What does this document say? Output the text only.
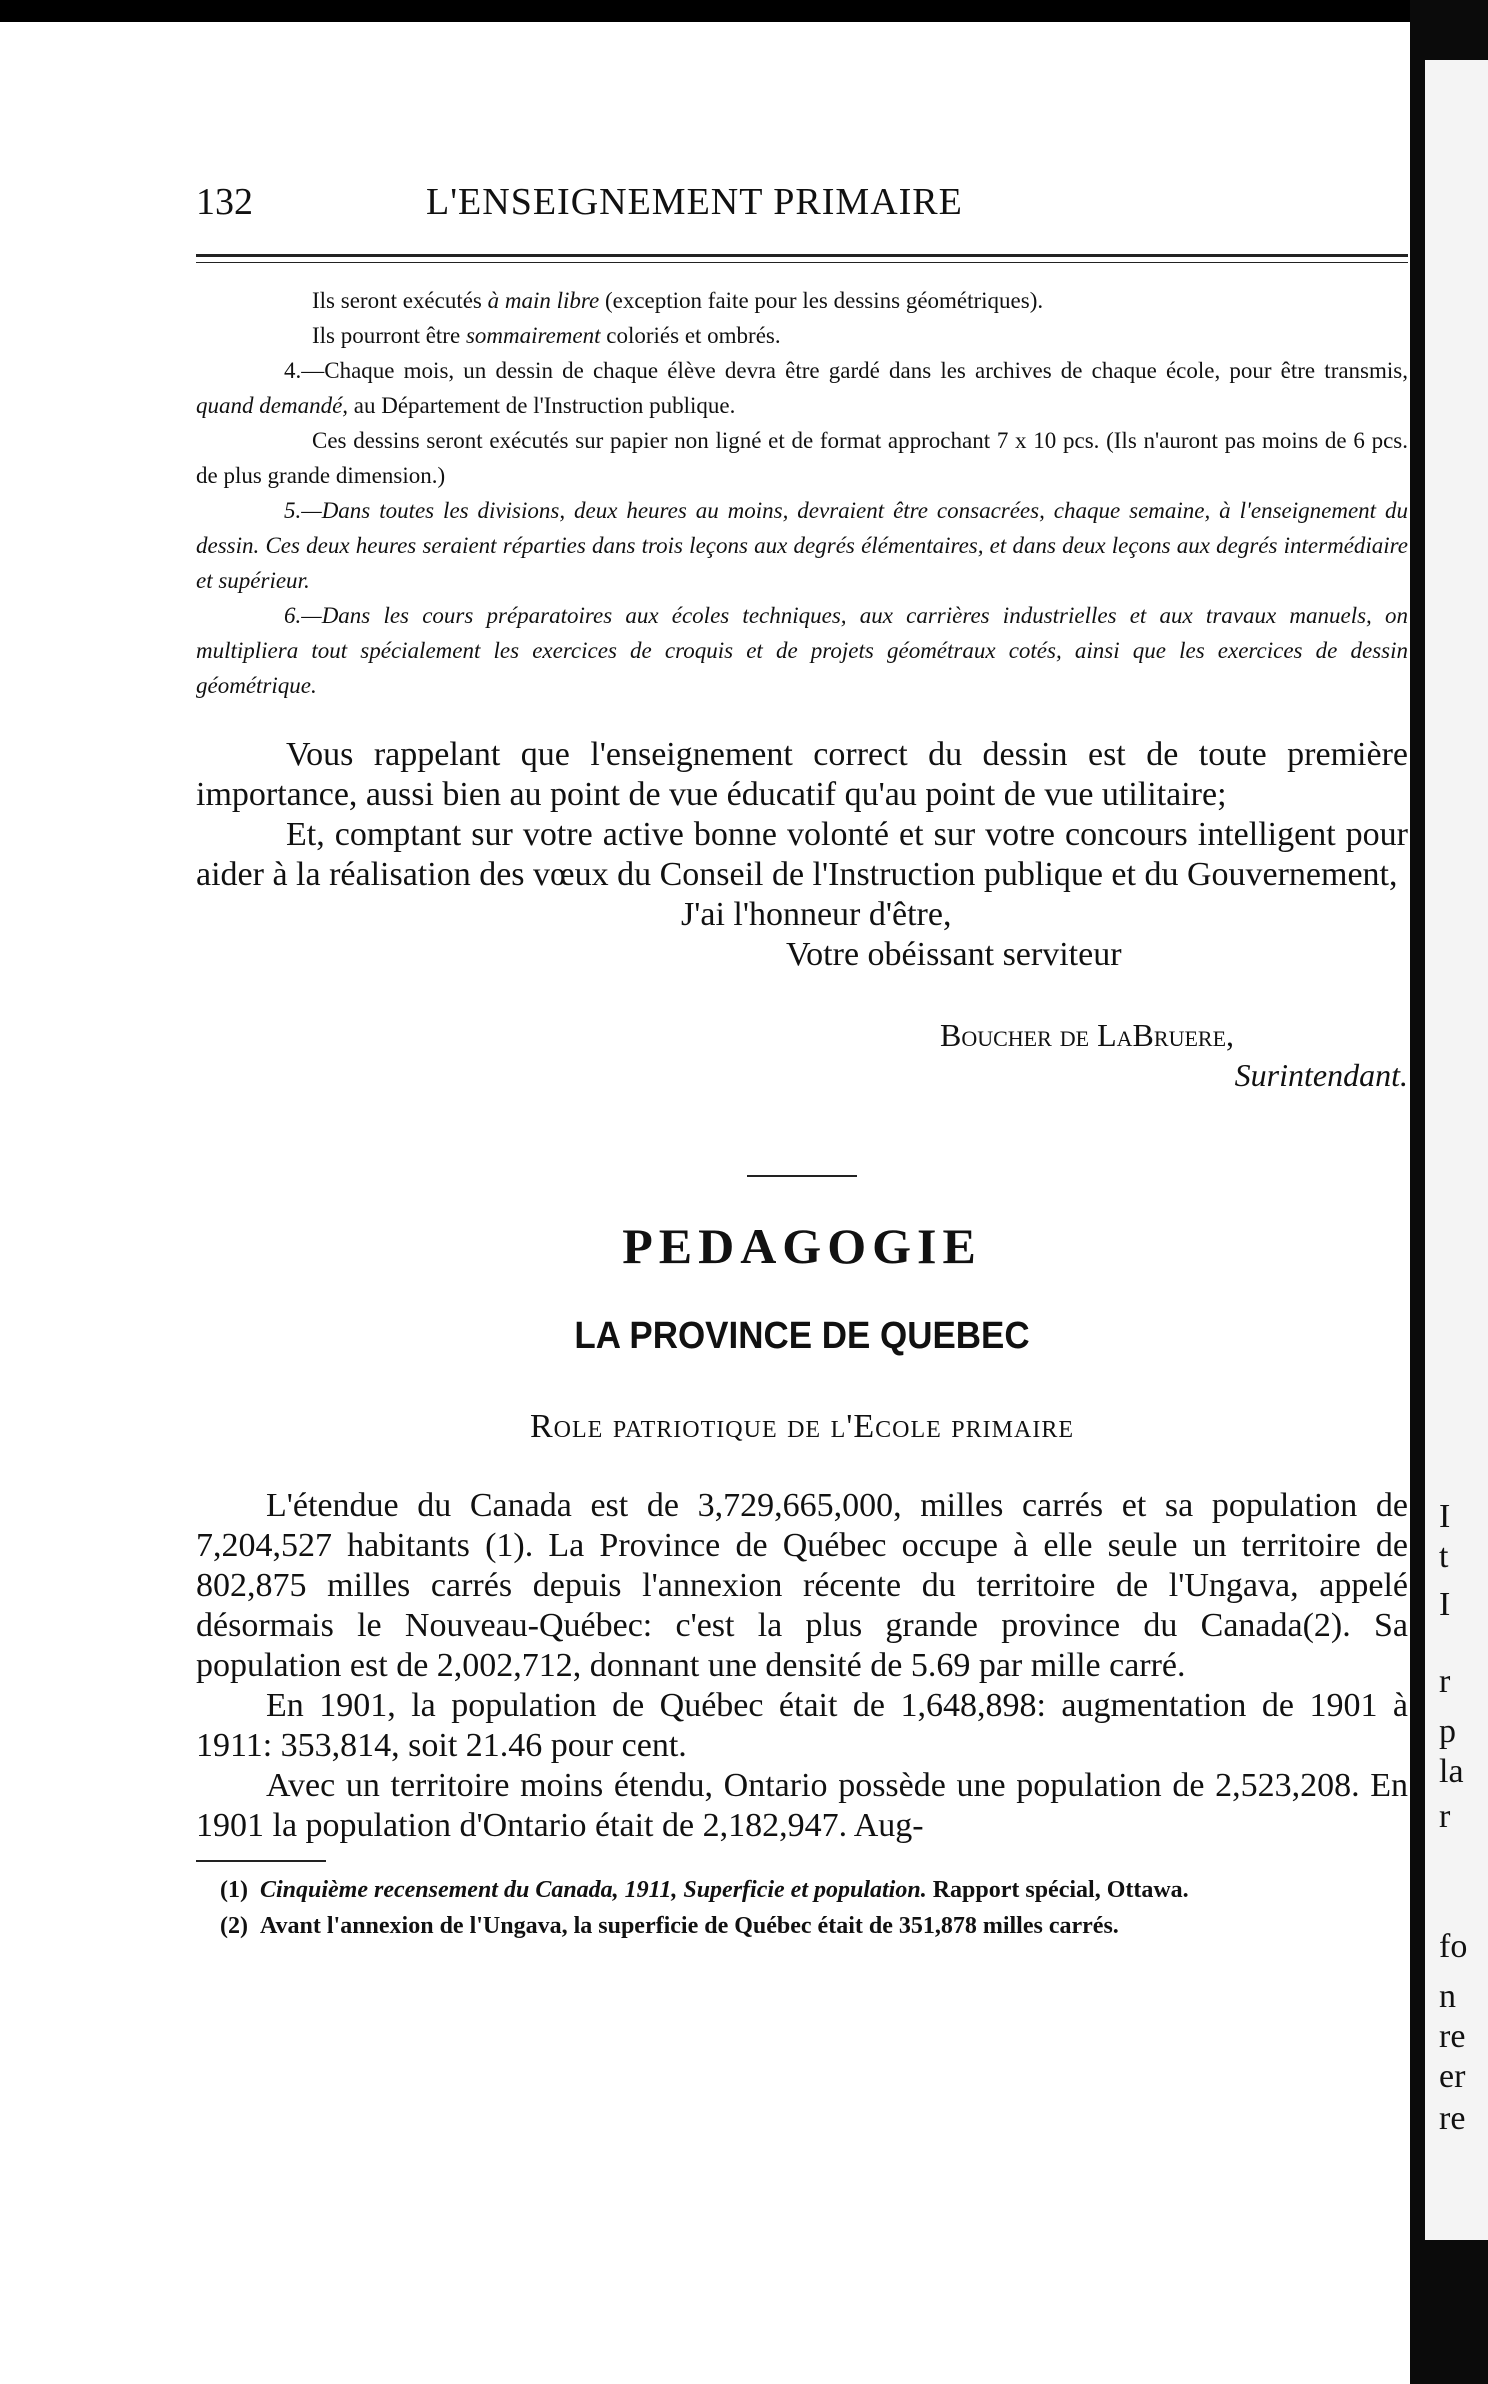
I
t
I
r
p
la
r
fo
n
re
er
re
132	L'ENSEIGNEMENT PRIMAIRE

Ils seront exécutés à main libre (exception faite pour les dessins géométriques).

Ils pourront être sommairement coloriés et ombrés.

4.—Chaque mois, un dessin de chaque élève devra être gardé dans les archives de chaque école, pour être transmis, quand demandé, au Département de l'Instruction publique.

Ces dessins seront exécutés sur papier non ligné et de format approchant 7 x 10 pcs. (Ils n'auront pas moins de 6 pcs. de plus grande dimension.)

5.—Dans toutes les divisions, deux heures au moins, devraient être consacrées, chaque semaine, à l'enseignement du dessin. Ces deux heures seraient réparties dans trois leçons aux degrés élémentaires, et dans deux leçons aux degrés intermédiaire et supérieur.

6.—Dans les cours préparatoires aux écoles techniques, aux carrières industrielles et aux travaux manuels, on multipliera tout spécialement les exercices de croquis et de projets géométraux cotés, ainsi que les exercices de dessin géométrique.

Vous rappelant que l'enseignement correct du dessin est de toute première importance, aussi bien au point de vue éducatif qu'au point de vue utilitaire;

Et, comptant sur votre active bonne volonté et sur votre concours intelligent pour aider à la réalisation des vœux du Conseil de l'Instruction publique et du Gouvernement,

J'ai l'honneur d'être,
Votre obéissant serviteur
Boucher de LaBruere,
Surintendant.
PEDAGOGIE
LA PROVINCE DE QUEBEC
Role patriotique de l'Ecole primaire

L'étendue du Canada est de 3,729,665,000, milles carrés et sa population de 7,204,527 habitants (1). La Province de Québec occupe à elle seule un territoire de 802,875 milles carrés depuis l'annexion récente du territoire de l'Ungava, appelé désormais le Nouveau-Québec: c'est la plus grande province du Canada(2). Sa population est de 2,002,712, donnant une densité de 5.69 par mille carré.

En 1901, la population de Québec était de 1,648,898: augmentation de 1901 à 1911: 353,814, soit 21.46 pour cent.

Avec un territoire moins étendu, Ontario possède une population de 2,523,208. En 1901 la population d'Ontario était de 2,182,947. Aug-

(1) Cinquième recensement du Canada, 1911, Superficie et population. Rapport spécial, Ottawa.

(2) Avant l'annexion de l'Ungava, la superficie de Québec était de 351,878 milles carrés.
